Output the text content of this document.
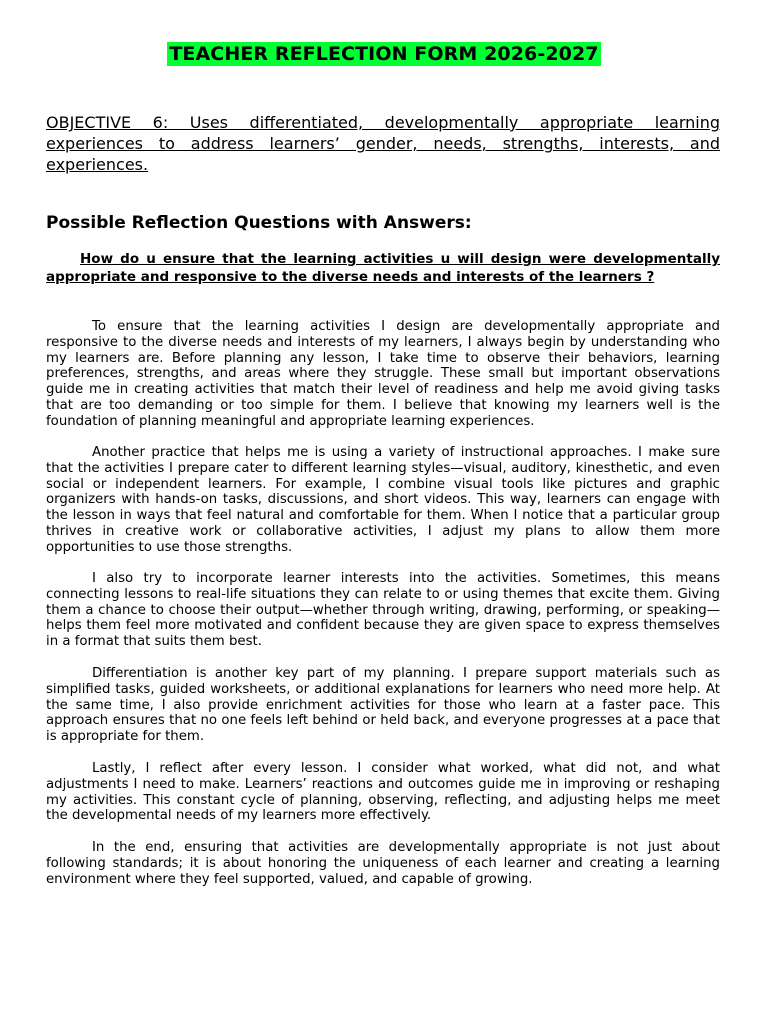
TEACHER REFLECTION FORM 2026-2027

OBJECTIVE 6: Uses differentiated, developmentally appropriate learning experiences to address learners’ gender, needs, strengths, interests, and experiences.

Possible Reflection Questions with Answers:

How do u ensure that the learning activities u will design were developmentally appropriate and responsive to the diverse needs and interests of the learners ?

To ensure that the learning activities I design are developmentally appropriate and responsive to the diverse needs and interests of my learners, I always begin by understanding who my learners are. Before planning any lesson, I take time to observe their behaviors, learning preferences, strengths, and areas where they struggle. These small but important observations guide me in creating activities that match their level of readiness and help me avoid giving tasks that are too demanding or too simple for them. I believe that knowing my learners well is the foundation of planning meaningful and appropriate learning experiences.

Another practice that helps me is using a variety of instructional approaches. I make sure that the activities I prepare cater to different learning styles—visual, auditory, kinesthetic, and even social or independent learners. For example, I combine visual tools like pictures and graphic organizers with hands-on tasks, discussions, and short videos. This way, learners can engage with the lesson in ways that feel natural and comfortable for them. When I notice that a particular group thrives in creative work or collaborative activities, I adjust my plans to allow them more opportunities to use those strengths.

I also try to incorporate learner interests into the activities. Sometimes, this means connecting lessons to real-life situations they can relate to or using themes that excite them. Giving them a chance to choose their output—whether through writing, drawing, performing, or speaking—helps them feel more motivated and confident because they are given space to express themselves in a format that suits them best.

Differentiation is another key part of my planning. I prepare support materials such as simplified tasks, guided worksheets, or additional explanations for learners who need more help. At the same time, I also provide enrichment activities for those who learn at a faster pace. This approach ensures that no one feels left behind or held back, and everyone progresses at a pace that is appropriate for them.

Lastly, I reflect after every lesson. I consider what worked, what did not, and what adjustments I need to make. Learners’ reactions and outcomes guide me in improving or reshaping my activities. This constant cycle of planning, observing, reflecting, and adjusting helps me meet the developmental needs of my learners more effectively.

In the end, ensuring that activities are developmentally appropriate is not just about following standards; it is about honoring the uniqueness of each learner and creating a learning environment where they feel supported, valued, and capable of growing.
